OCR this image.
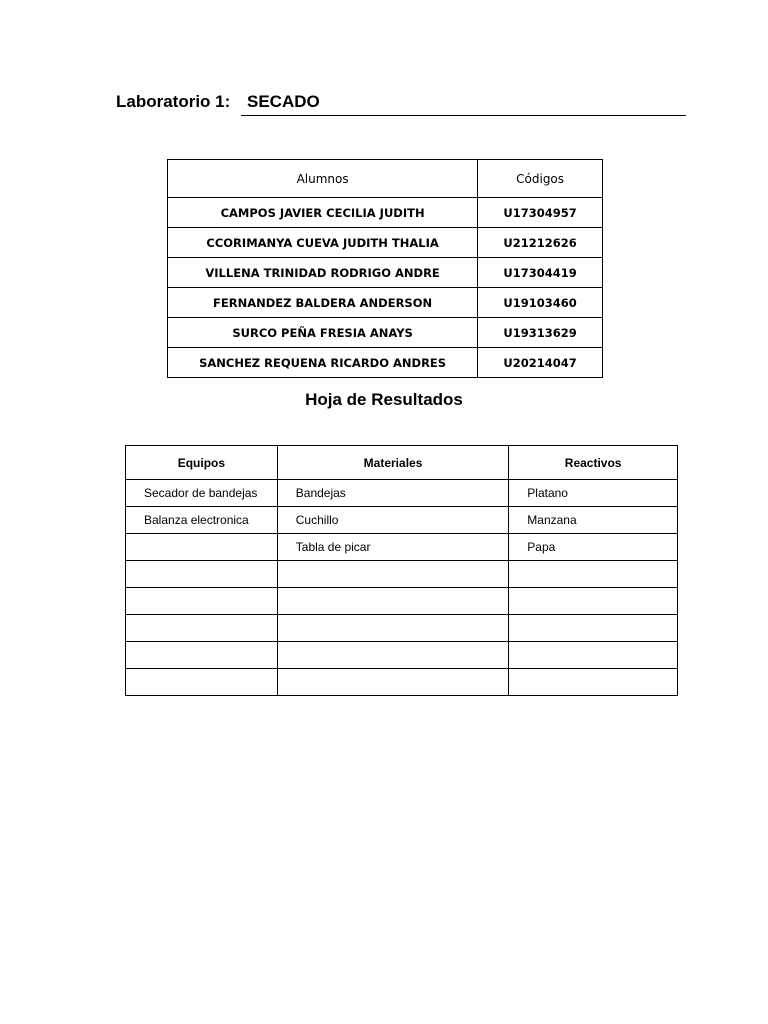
Laboratorio 1: SECADO
Alumnos	Códigos
CAMPOS JAVIER CECILIA JUDITH	U17304957
CCORIMANYA CUEVA JUDITH THALIA	U21212626
VILLENA TRINIDAD RODRIGO ANDRE	U17304419
FERNANDEZ BALDERA ANDERSON	U19103460
SURCO PEÑA FRESIA ANAYS	U19313629
SANCHEZ REQUENA RICARDO ANDRES	U20214047
Hoja de Resultados
Equipos	Materiales	Reactivos
Secador de bandejas	Bandejas	Platano
Balanza electronica	Cuchillo	Manzana
	Tabla de picar	Papa
